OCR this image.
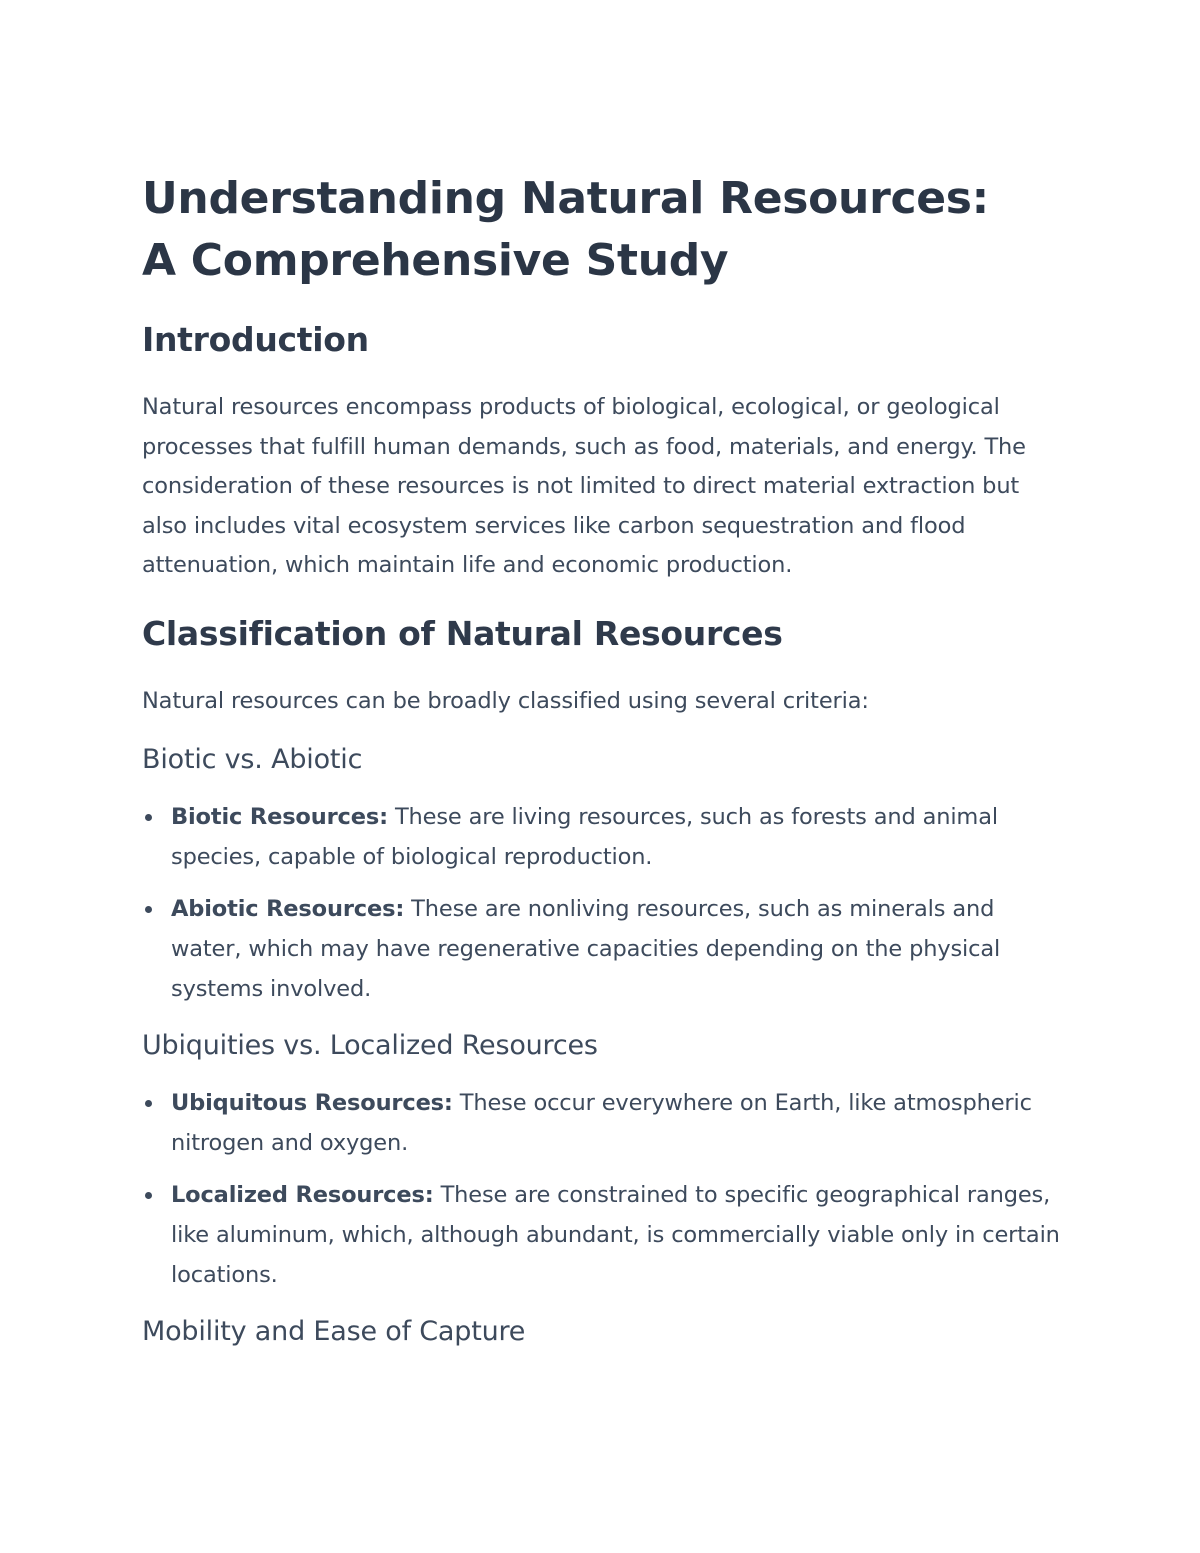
Understanding Natural Resources: A Comprehensive Study
Introduction

Natural resources encompass products of biological, ecological, or geological processes that fulfill human demands, such as food, materials, and energy. The consideration of these resources is not limited to direct material extraction but also includes vital ecosystem services like carbon sequestration and flood attenuation, which maintain life and economic production.

Classification of Natural Resources

Natural resources can be broadly classified using several criteria:

Biotic vs. Abiotic
Biotic Resources: These are living resources, such as forests and animal species, capable of biological reproduction.
Abiotic Resources: These are nonliving resources, such as minerals and water, which may have regenerative capacities depending on the physical systems involved.
Ubiquities vs. Localized Resources
Ubiquitous Resources: These occur everywhere on Earth, like atmospheric nitrogen and oxygen.
Localized Resources: These are constrained to specific geographical ranges, like aluminum, which, although abundant, is commercially viable only in certain locations.
Mobility and Ease of Capture
